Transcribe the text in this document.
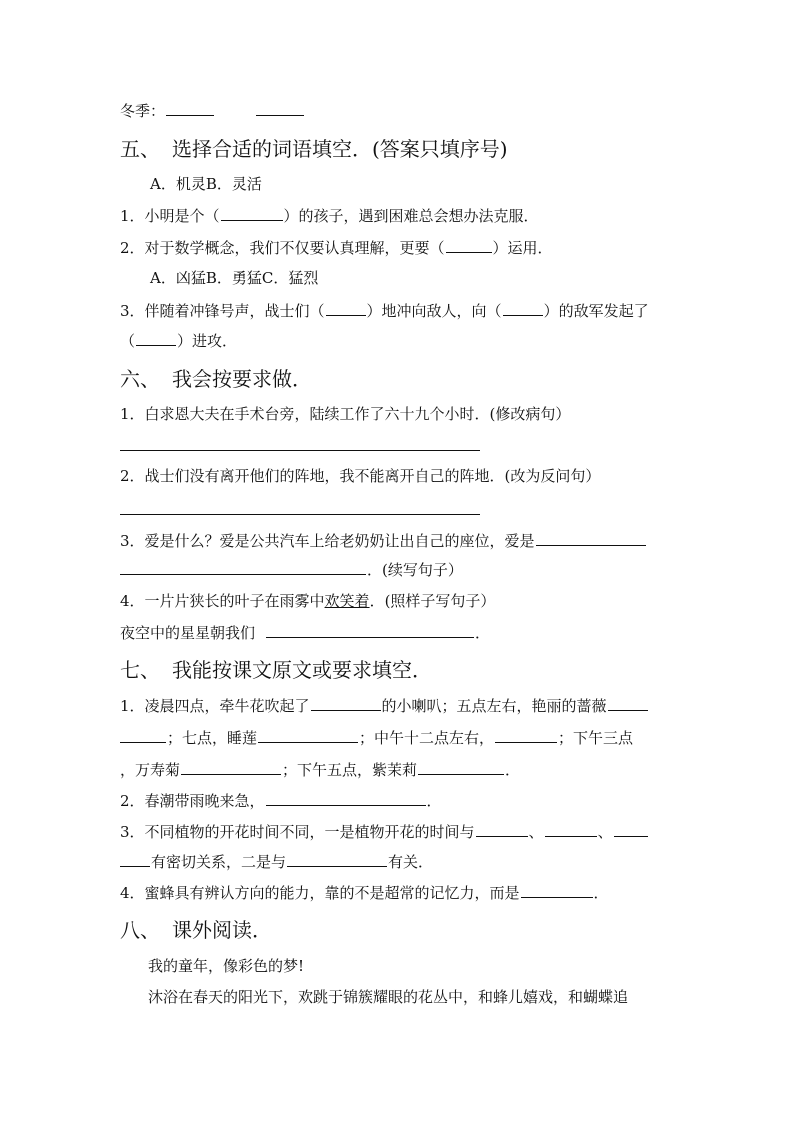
冬季：
五、 选择合适的词语填空．(答案只填序号)
A．机灵B．灵活
1．小明是个（	）的孩子，遇到困难总会想办法克服．
2．对于数学概念，我们不仅要认真理解，更要（	）运用．
A．凶猛B．勇猛C．猛烈
3．伴随着冲锋号声，战士们（	）地冲向敌人，向（	）的敌军发起了
（	）进攻．
六、 我会按要求做．
1．白求恩大夫在手术台旁，陆续工作了六十九个小时．(修改病句）
2．战士们没有离开他们的阵地，我不能离开自己的阵地．(改为反问句）
3．爱是什么？爱是公共汽车上给老奶奶让出自己的座位，爱是
．(续写句子）
4．一片片狭长的叶子在雨雾中欢笑着．(照样子写句子）
夜空中的星星朝我们	．
七、 我能按课文原文或要求填空．
1．凌晨四点，牵牛花吹起了	的小喇叭；五点左右，艳丽的蔷薇
；七点，睡莲	；中午十二点左右，	；下午三点
，万寿菊	；下午五点，紫茉莉	．
2．春潮带雨晚来急，	．
3．不同植物的开花时间不同，一是植物开花的时间与	、	、
有密切关系，二是与	有关．
4．蜜蜂具有辨认方向的能力，靠的不是超常的记忆力，而是	．
八、 课外阅读．
我的童年，像彩色的梦!
沐浴在春天的阳光下，欢跳于锦簇耀眼的花丛中，和蜂儿嬉戏，和蝴蝶追
